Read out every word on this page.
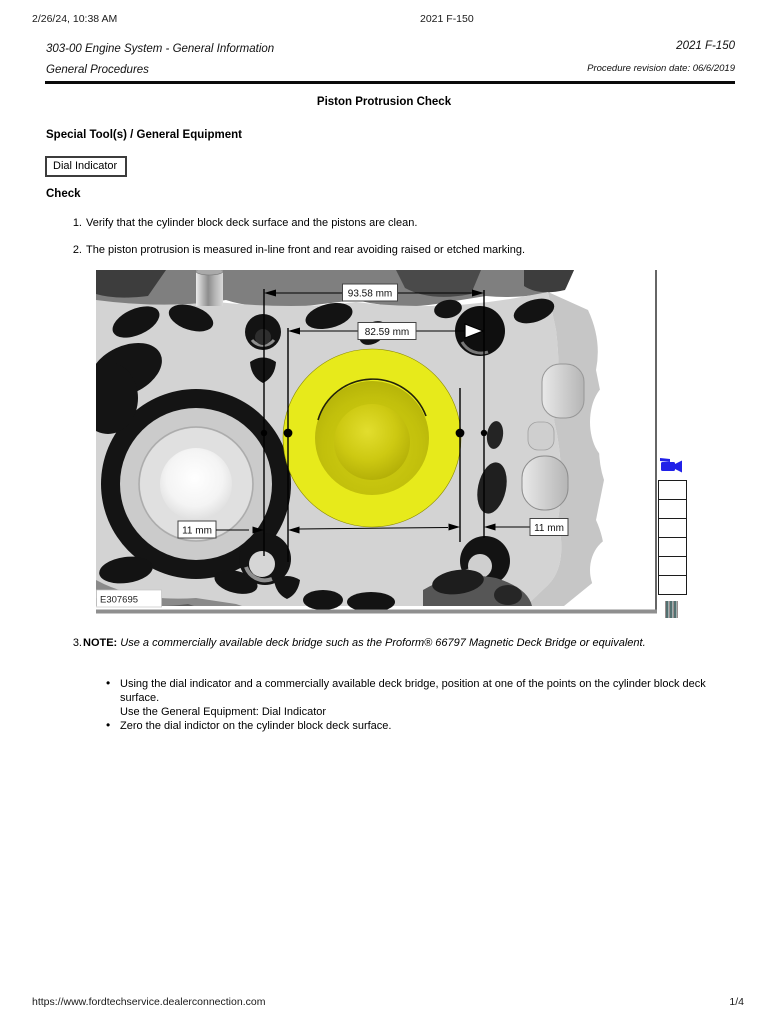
2/26/24, 10:38 AM	2021 F-150
303-00 Engine System - General Information
General Procedures
2021 F-150
Procedure revision date: 06/6/2019
Piston Protrusion Check
Special Tool(s) / General Equipment
Dial Indicator
Check
1. Verify that the cylinder block deck surface and the pistons are clean.
2. The piston protrusion is measured in-line front and rear avoiding raised or etched marking.
93.58 mm
82.59 mm
11 mm	11 mm
E307695
3. NOTE: Use a commercially available deck bridge such as the Proform® 66797 Magnetic Deck Bridge or equivalent.
• Using the dial indicator and a commercially available deck bridge, position at one of the points on the cylinder block deck surface.
Use the General Equipment: Dial Indicator
• Zero the dial indictor on the cylinder block deck surface.
https://www.fordtechservice.dealerconnection.com	1/4
